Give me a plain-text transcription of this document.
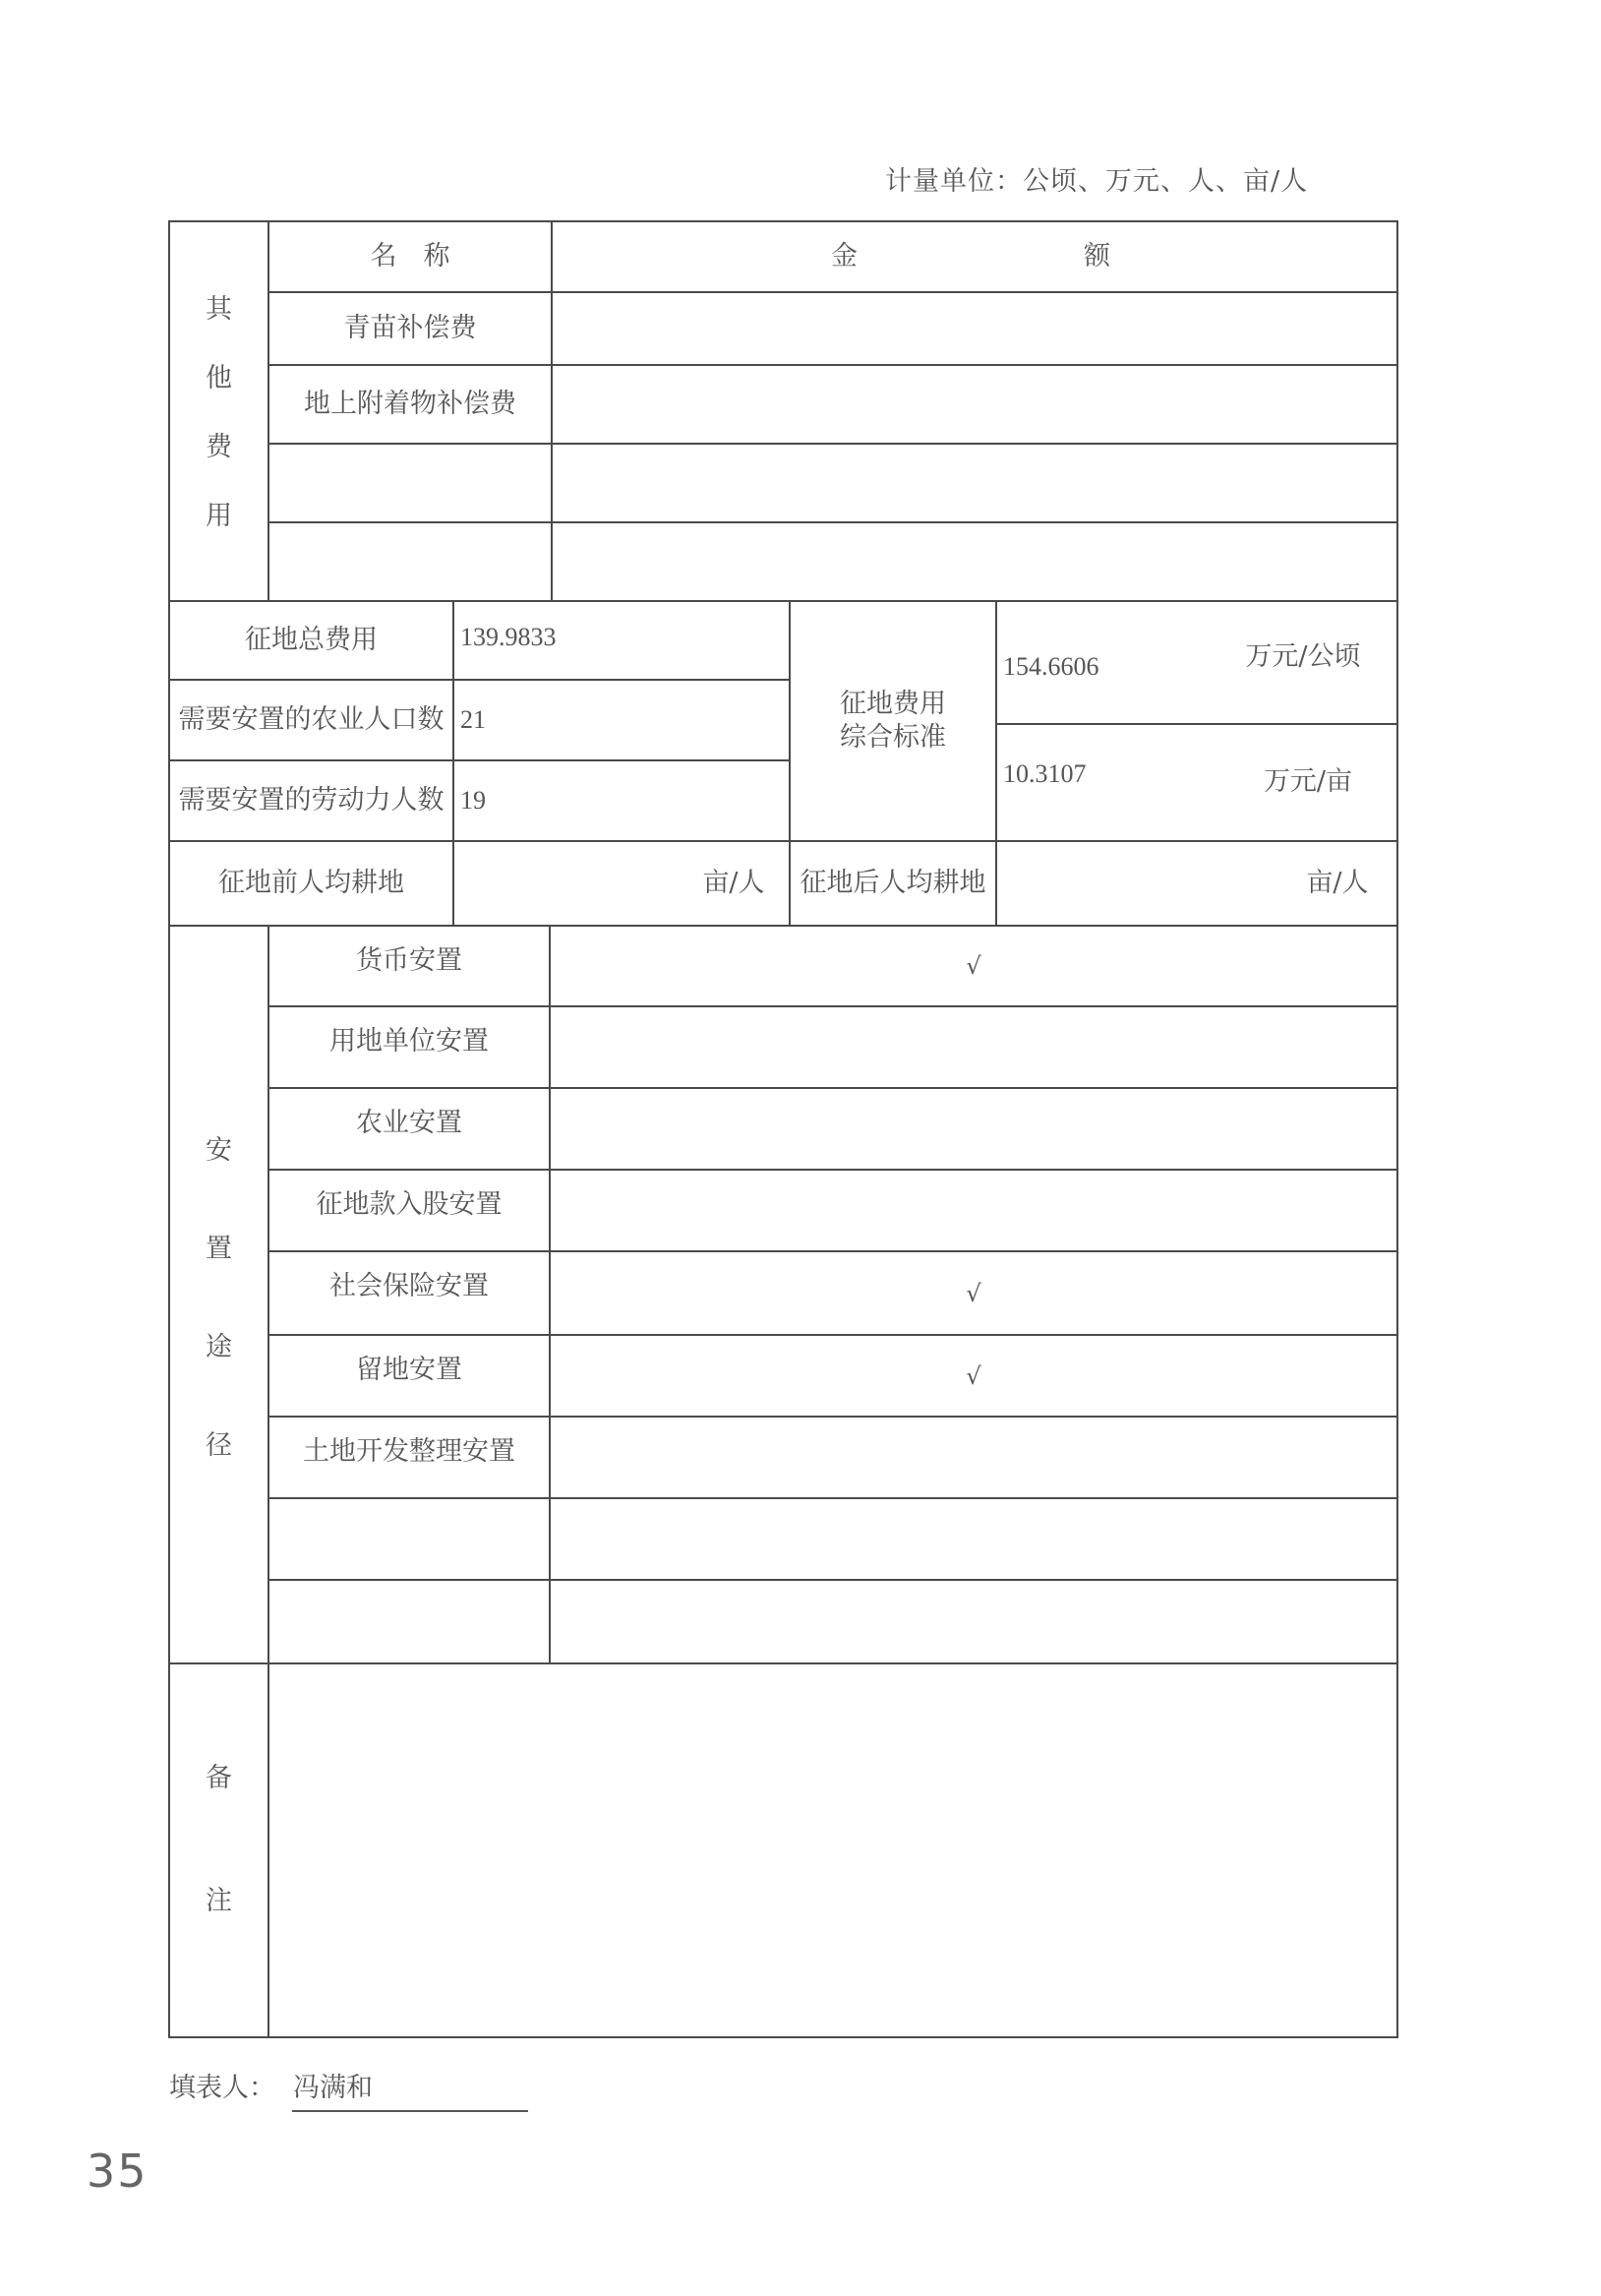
计量单位：公顷、万元、人、亩/人
其
他
费
用
名　称	金	额
青苗补偿费
地上附着物补偿费
征地总费用	139.9833
需要安置的农业人口数 21
需要安置的劳动力人数 19
征地费用
综合标准
154.6606	万元/公顷
10.3107	万元/亩
征地前人均耕地	亩/人	征地后人均耕地	亩/人
安
置
途
径
货币安置	√
用地单位安置
农业安置
征地款入股安置
社会保险安置	√
留地安置	√
土地开发整理安置
备
注
填表人： 冯满和
35
